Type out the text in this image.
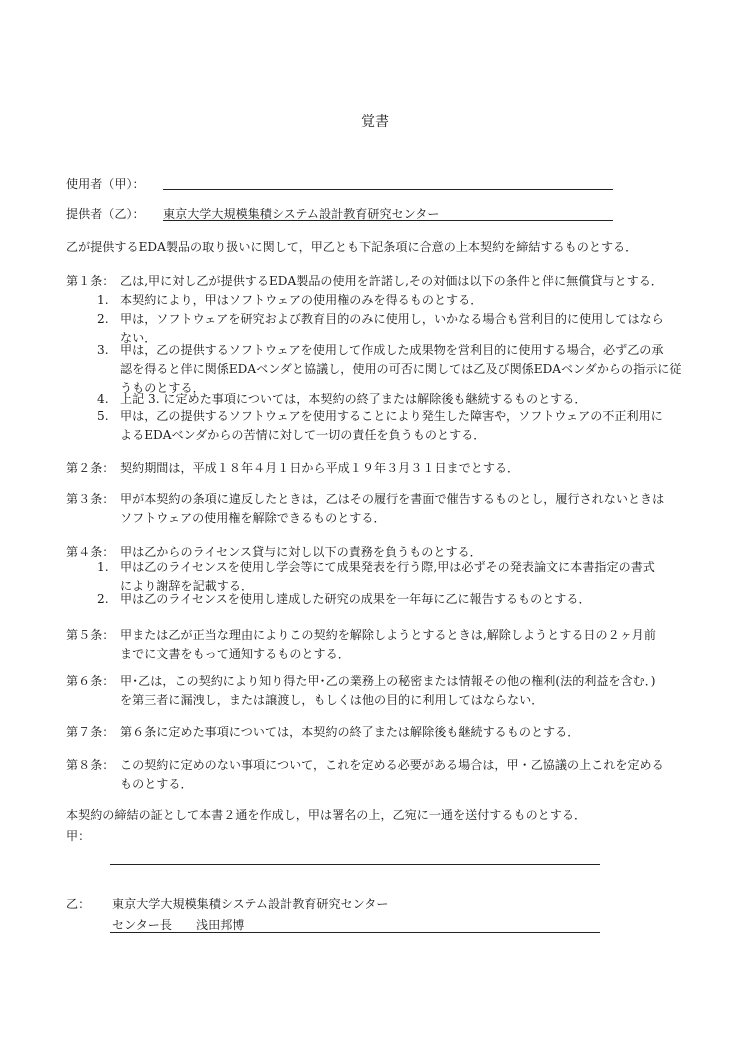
覚書
使用者（甲）：
提供者（乙）： 東京大学大規模集積システム設計教育研究センター
乙が提供するEDA製品の取り扱いに関して，甲乙とも下記条項に合意の上本契約を締結するものとする．
第１条： 乙は,甲に対し乙が提供するEDA製品の使用を許諾し,その対価は以下の条件と伴に無償貸与とする．
1. 本契約により，甲はソフトウェアの使用権のみを得るものとする．
2. 甲は，ソフトウェアを研究および教育目的のみに使用し，いかなる場合も営利目的に使用してはなら
ない．
3. 甲は，乙の提供するソフトウェアを使用して作成した成果物を営利目的に使用する場合，必ず乙の承
認を得ると伴に関係EDAベンダと協議し，使用の可否に関しては乙及び関係EDAベンダからの指示に従
うものとする．
4. 上記 3. に定めた事項については，本契約の終了または解除後も継続するものとする．
5. 甲は，乙の提供するソフトウェアを使用することにより発生した障害や，ソフトウェアの不正利用に
よるEDAベンダからの苦情に対して一切の責任を負うものとする．
第２条： 契約期間は，平成１８年４月１日から平成１９年３月３１日までとする．
第３条： 甲が本契約の条項に違反したときは，乙はその履行を書面で催告するものとし，履行されないときは
ソフトウェアの使用権を解除できるものとする．
第４条： 甲は乙からのライセンス貸与に対し以下の責務を負うものとする．
1. 甲は乙のライセンスを使用し学会等にて成果発表を行う際,甲は必ずその発表論文に本書指定の書式
により謝辞を記載する．
2. 甲は乙のライセンスを使用し達成した研究の成果を一年毎に乙に報告するものとする．
第５条： 甲または乙が正当な理由によりこの契約を解除しようとするときは,解除しようとする日の２ヶ月前
までに文書をもって通知するものとする．
第６条： 甲･乙は，この契約により知り得た甲･乙の業務上の秘密または情報その他の権利(法的利益を含む．)
を第三者に漏洩し，または譲渡し，もしくは他の目的に利用してはならない．
第７条： 第６条に定めた事項については，本契約の終了または解除後も継続するものとする．
第８条： この契約に定めのない事項について，これを定める必要がある場合は，甲・乙協議の上これを定める
ものとする．
本契約の締結の証として本書２通を作成し，甲は署名の上，乙宛に一通を送付するものとする．
甲：
乙： 東京大学大規模集積システム設計教育研究センター
センター長 浅田邦博
